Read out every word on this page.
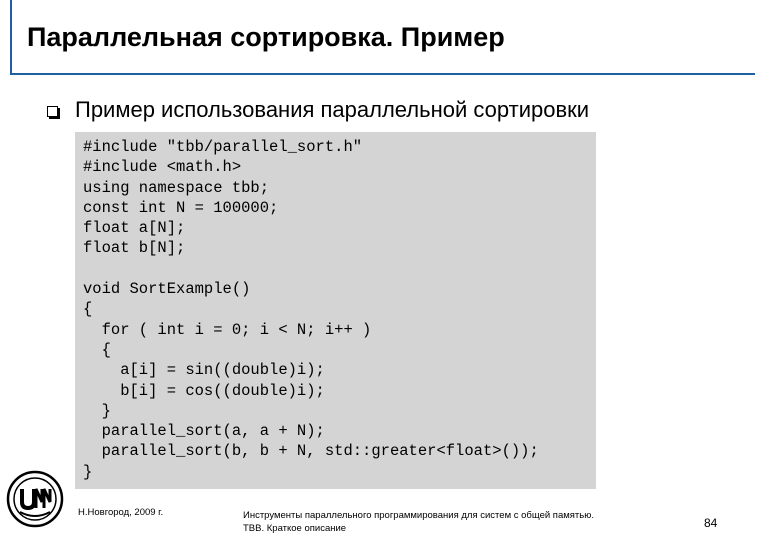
Параллельная сортировка. Пример
Пример использования параллельной сортировки
#include "tbb/parallel_sort.h"
#include <math.h>
using namespace tbb;
const int N = 100000;
float a[N];
float b[N];
void SortExample()
{
for ( int i = 0; i < N; i++ )
{
a[i] = sin((double)i);
b[i] = cos((double)i);
}
parallel_sort(a, a + N);
parallel_sort(b, b + N, std::greater<float>());
}
Н.Новгород, 2009 г.	Инструменты параллельного программирования для систем с общей памятью.
TBB. Краткое описание	84
